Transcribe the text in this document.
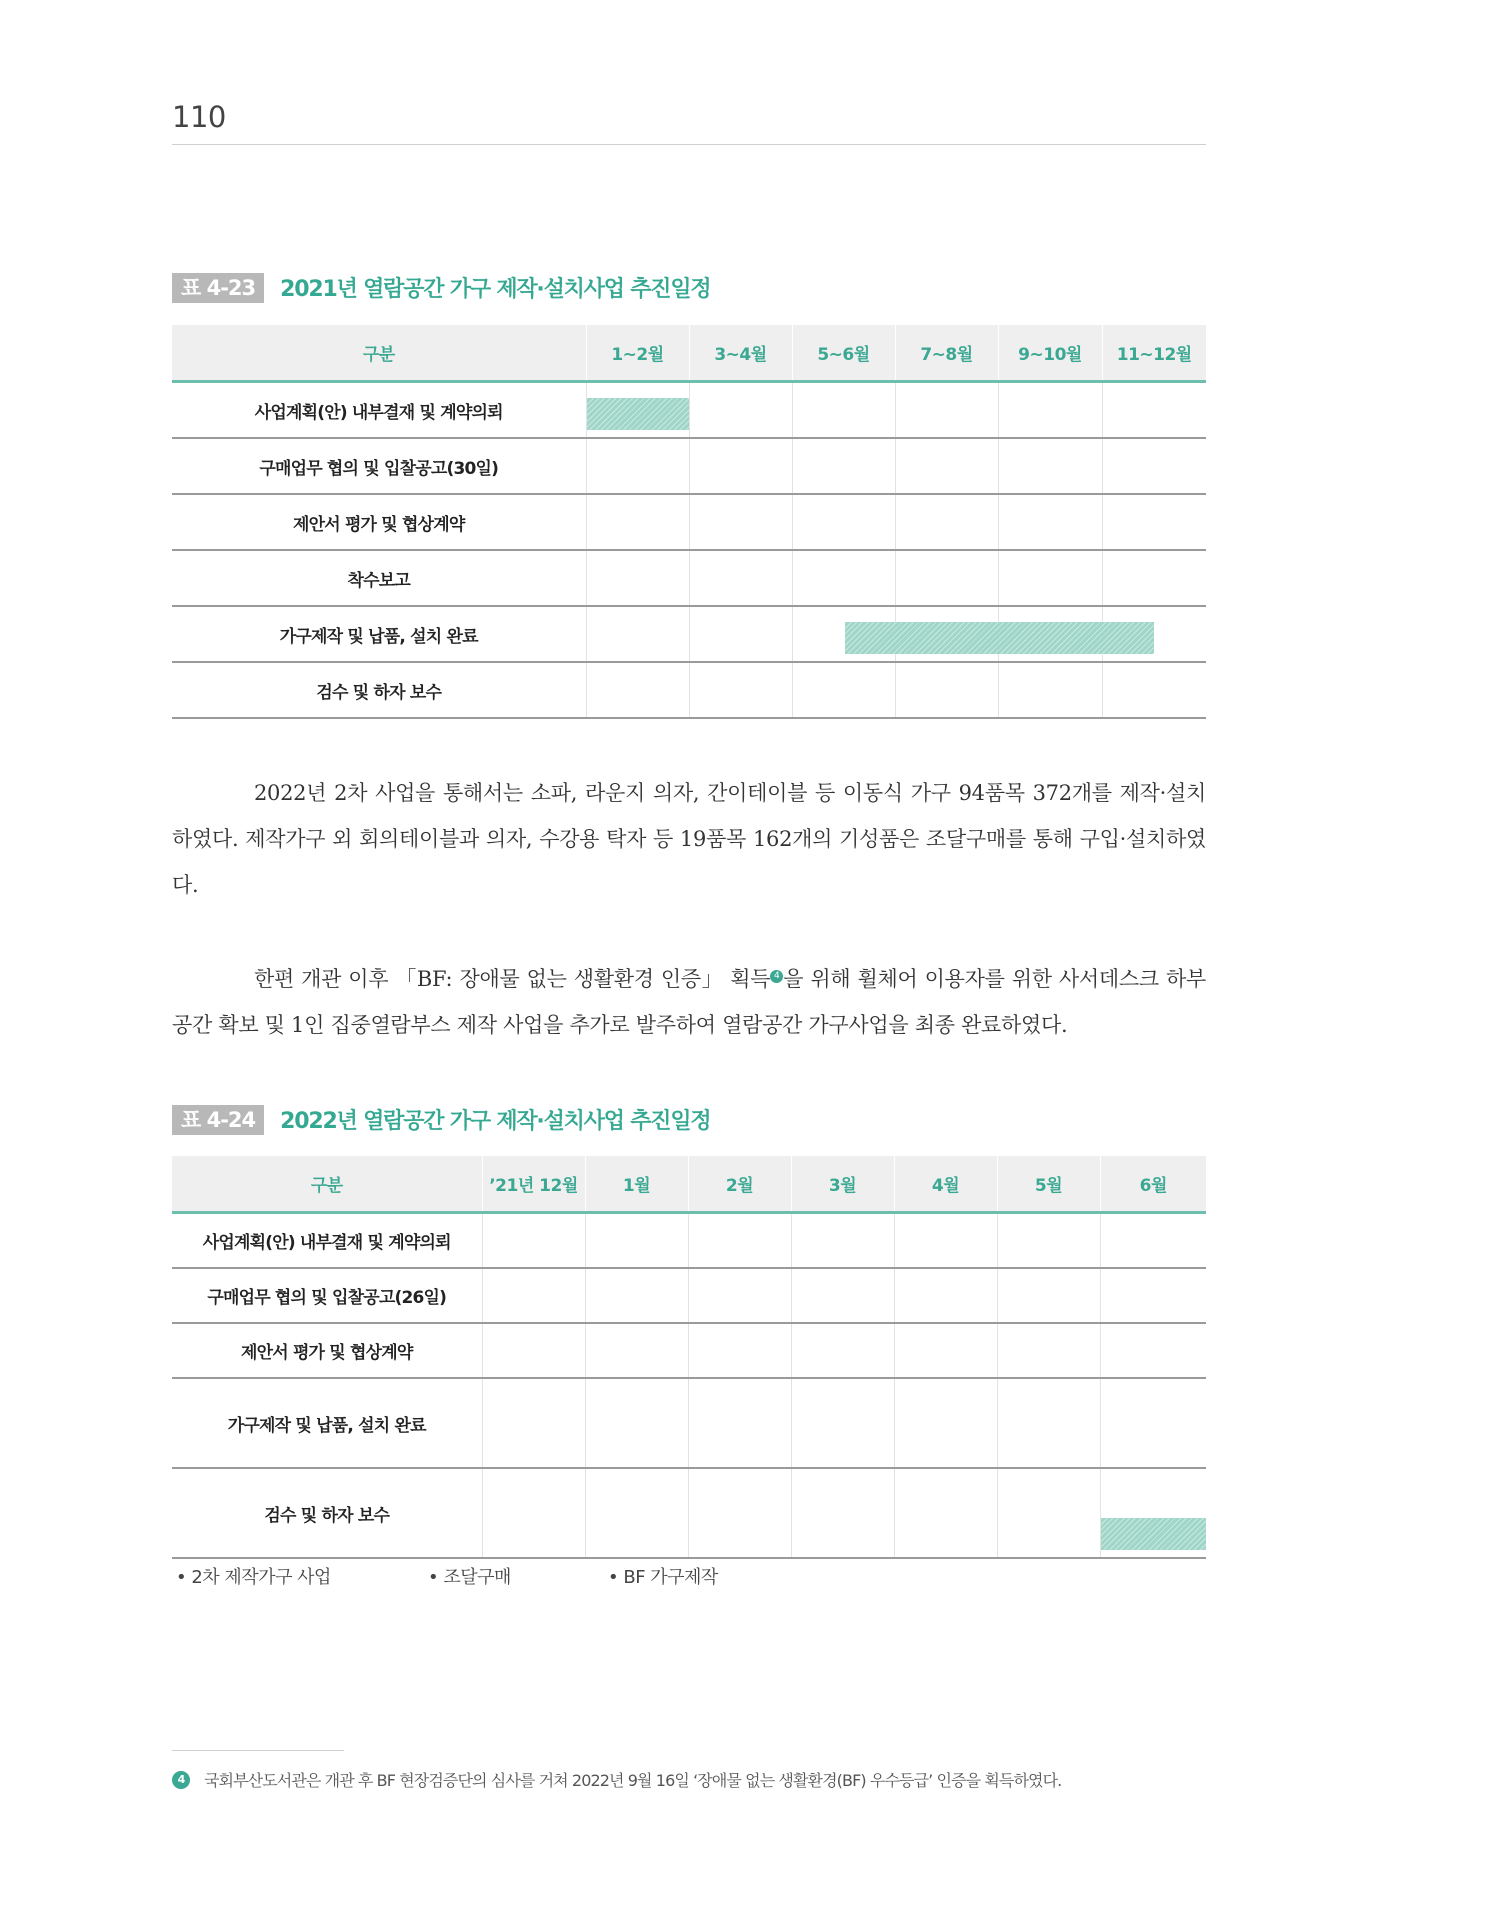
110
표 4-23	2021년 열람공간 가구 제작·설치사업 추진일정
구분	1~2월	3~4월	5~6월	7~8월	9~10월	11~12월
사업계획(안) 내부결재 및 계약의뢰						
구매업무 협의 및 입찰공고(30일)						
제안서 평가 및 협상계약						
착수보고						
가구제작 및 납품, 설치 완료						
검수 및 하자 보수						

2022년 2차 사업을 통해서는 소파, 라운지 의자, 간이테이블 등 이동식 가구 94품목 372개를 제작·설치하였다. 제작가구 외 회의테이블과 의자, 수강용 탁자 등 19품목 162개의 기성품은 조달구매를 통해 구입·설치하였다.

한편 개관 이후 「BF: 장애물 없는 생활환경 인증」 획득 4 을 위해 휠체어 이용자를 위한 사서데스크 하부 공간 확보 및 1인 집중열람부스 제작 사업을 추가로 발주하여 열람공간 가구사업을 최종 완료하였다.

표 4-24	2022년 열람공간 가구 제작·설치사업 추진일정
구분	’21년 12월	1월	2월	3월	4월	5월	6월
사업계획(안) 내부결재 및 계약의뢰							
구매업무 협의 및 입찰공고(26일)							
제안서 평가 및 협상계약							
가구제작 및 납품, 설치 완료							
검수 및 하자 보수							
• 2차 제작가구 사업	• 조달구매	• BF 가구제작
4	국회부산도서관은 개관 후 BF 현장검증단의 심사를 거쳐 2022년 9월 16일 ‘장애물 없는 생활환경(BF) 우수등급’ 인증을 획득하였다.
